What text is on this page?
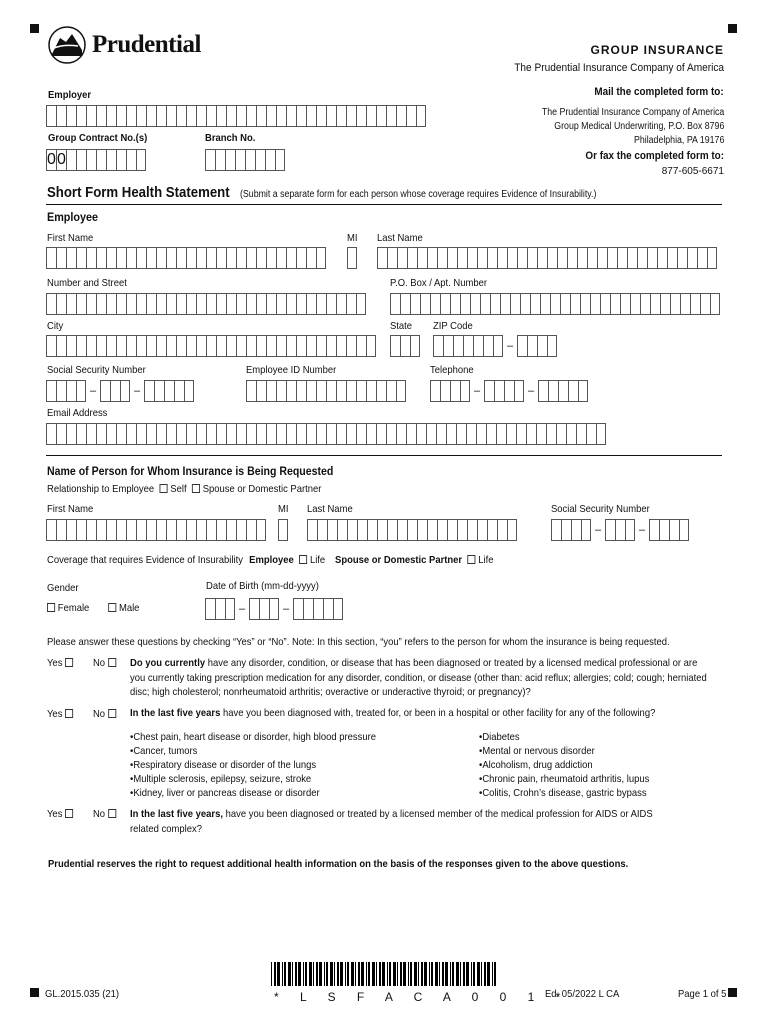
Prudential	GROUP INSURANCE
The Prudential Insurance Company of America
Mail the completed form to:
The Prudential Insurance Company of America
Group Medical Underwriting, P.O. Box 8796
Philadelphia, PA 19176
Or fax the completed form to:
877-605-6671
Employer
Group Contract No.(s)
0 0
Branch No.
Short Form Health Statement (Submit a separate form for each person whose coverage requires Evidence of Insurability.)
Employee
First Name	MI Last Name
Number and Street	P.O. Box / Apt. Number
City	State ZIP Code
–
Social Security Number	Employee ID Number	Telephone
–	–	–	–
Email Address
Name of Person for Whom Insurance is Being Requested
Relationship to Employee Self Spouse or Domestic Partner
First Name	MI Last Name	Social Security Number
–	–
Coverage that requires Evidence of Insurability Employee Life Spouse or Domestic Partner Life
Gender	Date of Birth (mm-dd-yyyy)
Female	Male	–	–
Please answer these questions by checking “Yes” or “No”. Note: In this section, “you” refers to the person for whom the insurance is being requested.
Yes	No	Do you currently have any disorder, condition, or disease that has been diagnosed or treated by a licensed medical professional or are
you currently taking prescription medication for any disorder, condition, or disease (other than: acid reflux; allergies; cold; cough; herniated
disc; high cholesterol; nonrheumatoid arthritis; overactive or underactive thyroid; or pregnancy)?
Yes	No	In the last five years have you been diagnosed with, treated for, or been in a hospital or other facility for any of the following?
• Chest pain, heart disease or disorder, high blood pressure
• Cancer, tumors
• Respiratory disease or disorder of the lungs
• Multiple sclerosis, epilepsy, seizure, stroke
• Kidney, liver or pancreas disease or disorder
• Diabetes
• Mental or nervous disorder
• Alcoholism, drug addiction
• Chronic pain, rheumatoid arthritis, lupus
• Colitis, Crohn’s disease, gastric bypass
Yes	No	In the last five years, have you been diagnosed or treated by a licensed member of the medical profession for AIDS or AIDS
related complex?
Prudential reserves the right to request additional health information on the basis of the responses given to the above questions.
GL.2015.035 (21)	* L S F A C A 0 0 1 *
Ed. 05/2022 L CA	Page 1 of 5
